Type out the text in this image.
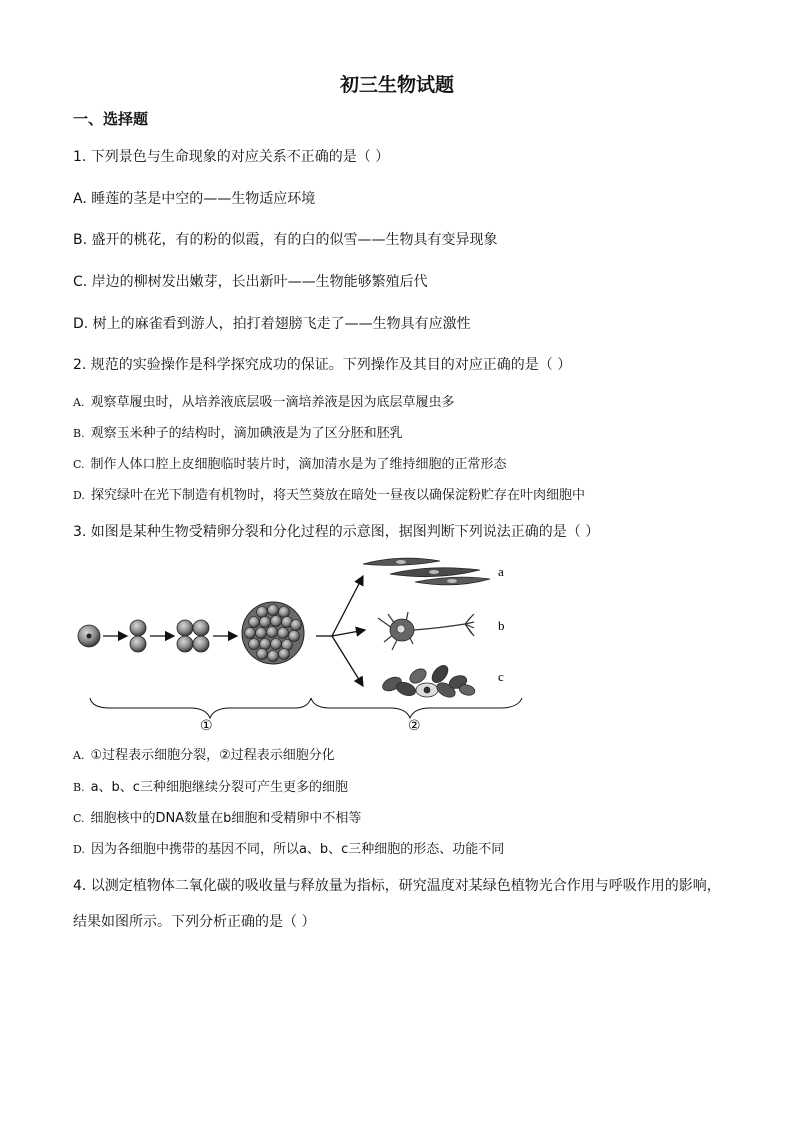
初三生物试题
一、选择题
1. 下列景色与生命现象的对应关系不正确的是（ ）
A. 睡莲的茎是中空的——生物适应环境
B. 盛开的桃花，有的粉的似霞，有的白的似雪——生物具有变异现象
C. 岸边的柳树发出嫩芽，长出新叶——生物能够繁殖后代
D. 树上的麻雀看到游人，拍打着翅膀飞走了——生物具有应激性
2. 规范的实验操作是科学探究成功的保证。下列操作及其目的对应正确的是（ ）
A. 观察草履虫时，从培养液底层吸一滴培养液是因为底层草履虫多
B. 观察玉米种子的结构时，滴加碘液是为了区分胚和胚乳
C. 制作人体口腔上皮细胞临时装片时，滴加清水是为了维持细胞的正常形态
D. 探究绿叶在光下制造有机物时，将天竺葵放在暗处一昼夜以确保淀粉贮存在叶肉细胞中
3. 如图是某种生物受精卵分裂和分化过程的示意图，据图判断下列说法正确的是（ ）
a
b
c
①	②
A. ①过程表示细胞分裂，②过程表示细胞分化
B. a、b、c三种细胞继续分裂可产生更多的细胞
C. 细胞核中的DNA数量在b细胞和受精卵中不相等
D. 因为各细胞中携带的基因不同，所以a、b、c三种细胞的形态、功能不同
4. 以测定植物体二氧化碳的吸收量与释放量为指标，研究温度对某绿色植物光合作用与呼吸作用的影响，
结果如图所示。下列分析正确的是（ ）
